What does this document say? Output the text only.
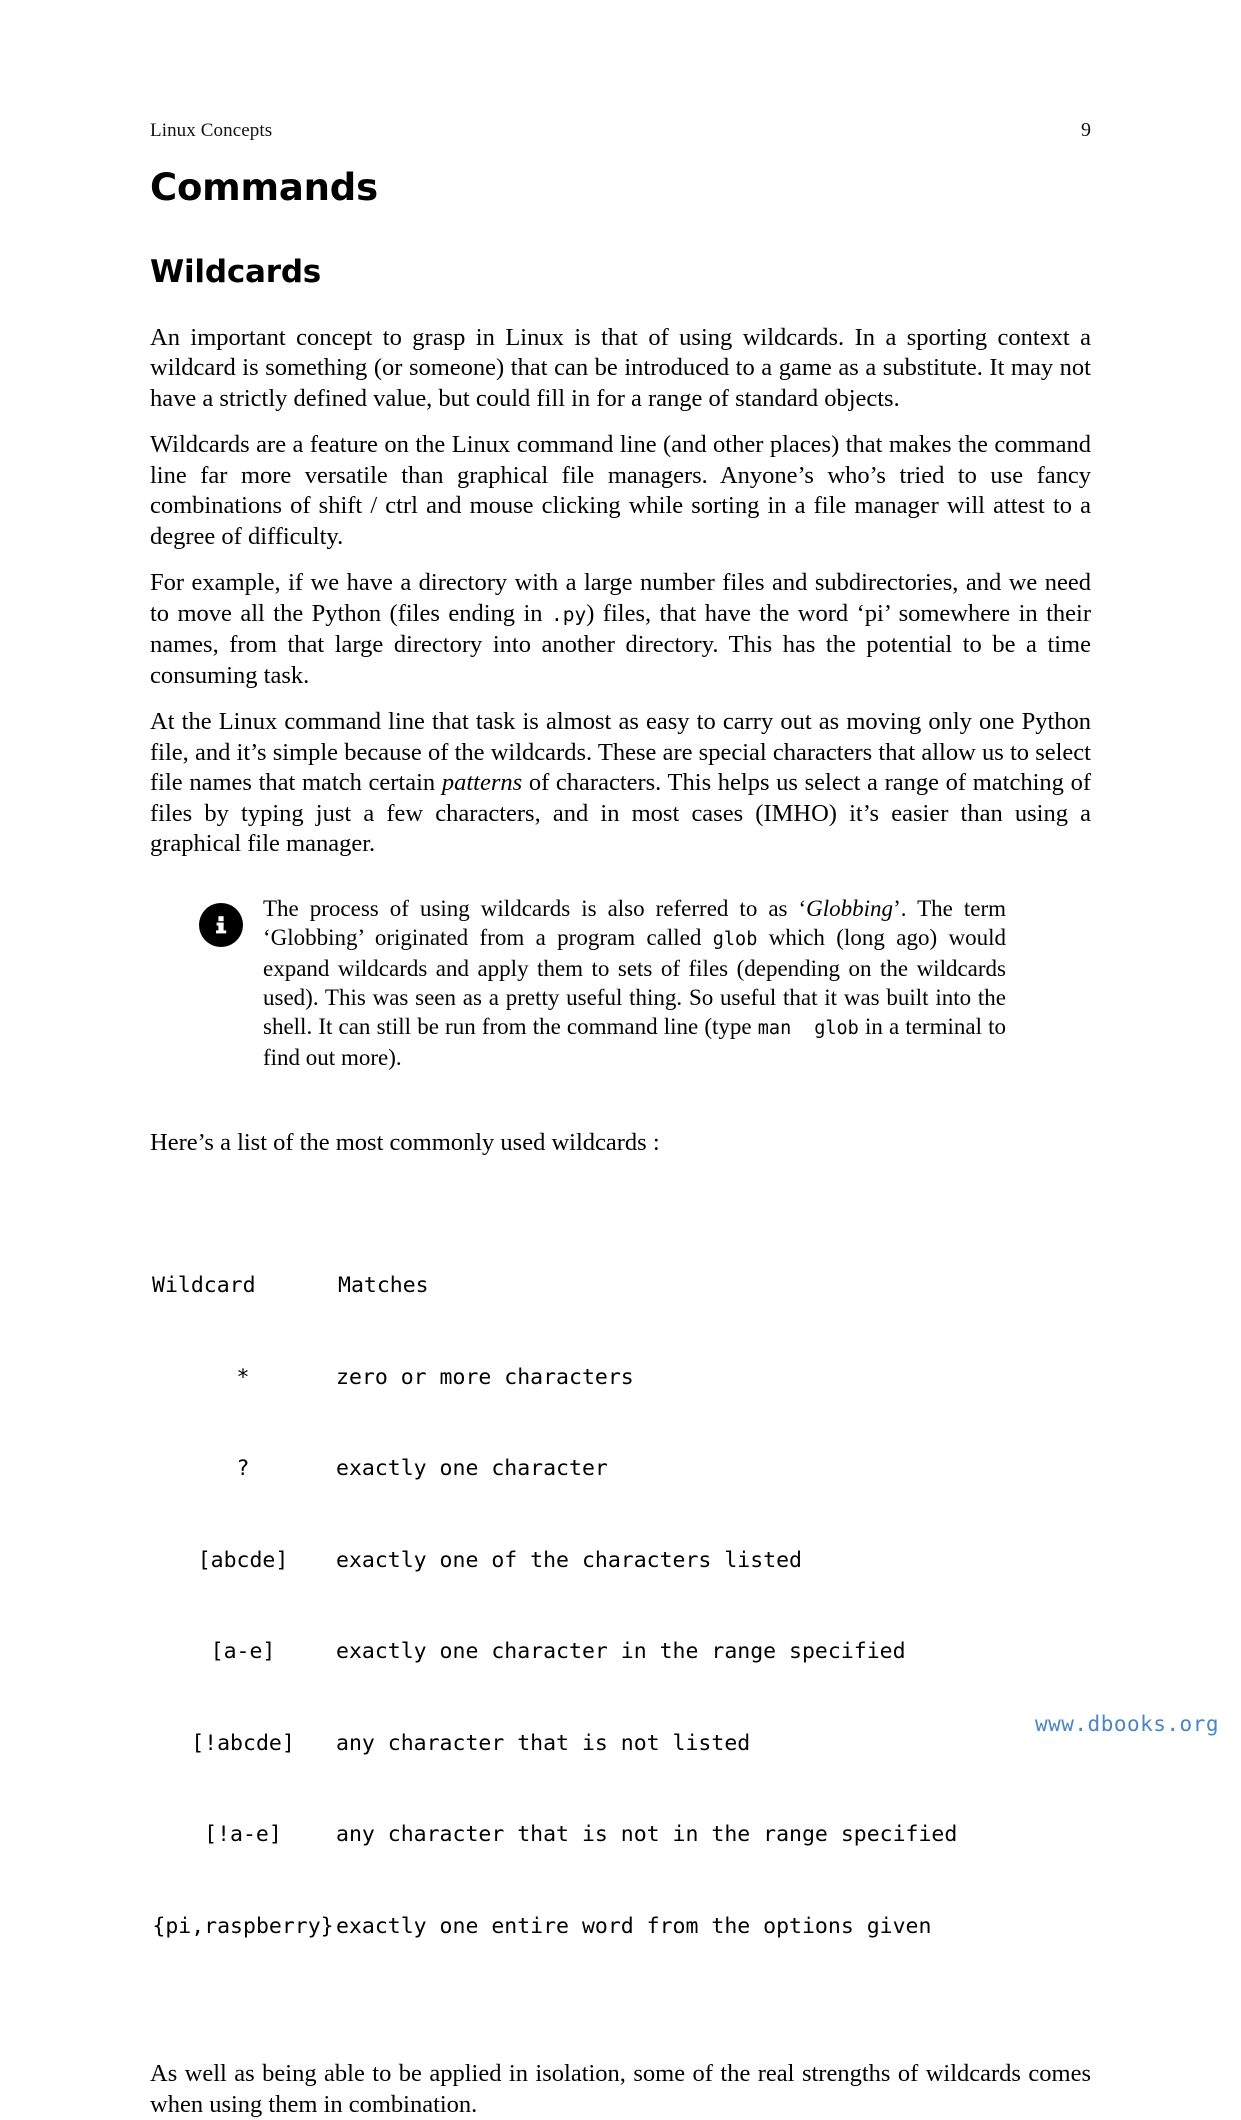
Linux Concepts	9
Commands
Wildcards

An important concept to grasp in Linux is that of using wildcards. In a sporting context a wildcard is something (or someone) that can be introduced to a game as a substitute. It may not have a strictly defined value, but could fill in for a range of standard objects.

Wildcards are a feature on the Linux command line (and other places) that makes the command line far more versatile than graphical file managers. Anyone’s who’s tried to use fancy combinations of shift / ctrl and mouse clicking while sorting in a file manager will attest to a degree of difficulty.

For example, if we have a directory with a large number files and subdirectories, and we need to move all the Python (files ending in .py) files, that have the word ‘pi’ somewhere in their names, from that large directory into another directory. This has the potential to be a time consuming task.

At the Linux command line that task is almost as easy to carry out as moving only one Python file, and it’s simple because of the wildcards. These are special characters that allow us to select file names that match certain patterns of characters. This helps us select a range of matching of files by typing just a few characters, and in most cases (IMHO) it’s easier than using a graphical file manager.

The process of using wildcards is also referred to as ‘Globbing’. The term ‘Globbing’ originated from a program called glob which (long ago) would expand wildcards and apply them to sets of files (depending on the wildcards used). This was seen as a pretty useful thing. So useful that it was built into the shell. It can still be run from the command line (type man  glob in a terminal to find out more).

Here’s a list of the most commonly used wildcards :

Wildcard	Matches

*	zero or more characters

?	exactly one character

[abcde] exactly one of the characters listed

[a-e]	exactly one character in the range specified

[!abcde] any character that is not listed

[!a-e]	any character that is not in the range specified

{pi,raspberry} exactly one entire word from the options given

As well as being able to be applied in isolation, some of the real strengths of wildcards comes when using them in combination.

www.dbooks.org
